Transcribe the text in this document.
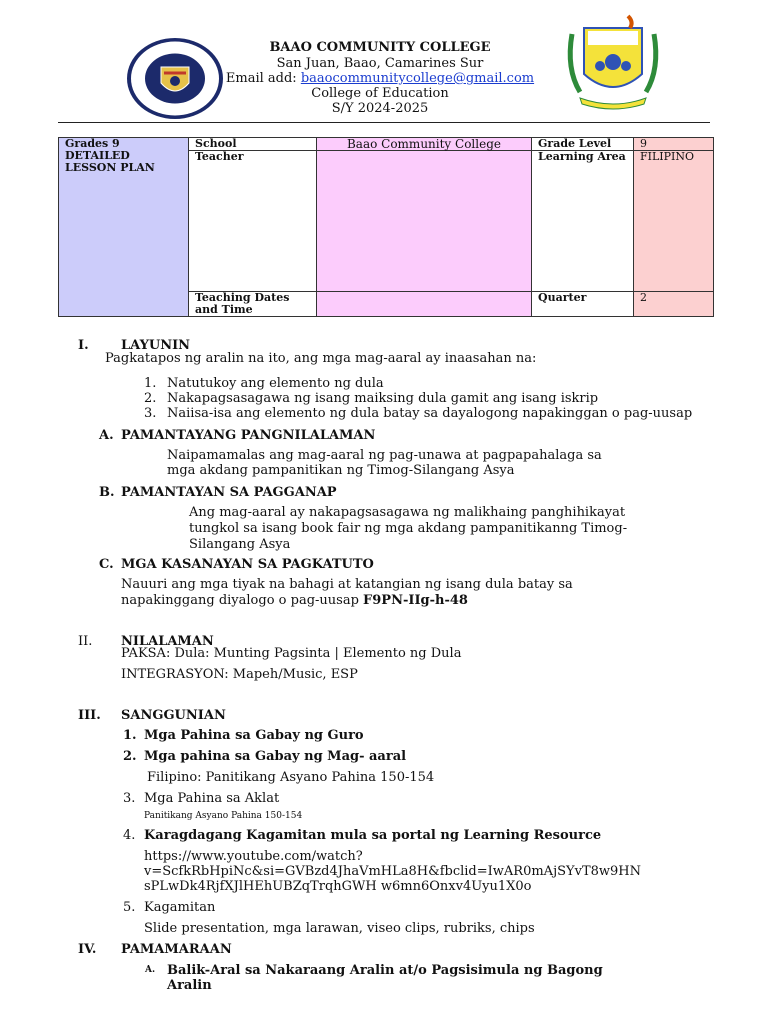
BAAO COMMUNITY COLLEGE
San Juan, Baao, Camarines Sur
Email add: baaocommunitycollege@gmail.com
College of Education
S/Y 2024-2025
Grades 9 DETAILED LESSON PLAN	School	Baao Community College	Grade Level	9
	Teacher		Learning Area	FILIPINO
	Teaching Dates and Time		Quarter	2
I. LAYUNIN
Pagkatapos ng aralin na ito, ang mga mag-aaral ay inaasahan na:
1. Natutukoy ang elemento ng dula
2. Nakapagsasagawa ng isang maiksing dula gamit ang isang iskrip
3. Naiisa-isa ang elemento ng dula batay sa dayalogong napakinggan o pag-uusap
A. PAMANTAYANG PANGNILALAMAN
Naipamamalas ang mag-aaral ng pag-unawa at pagpapahalaga sa
mga akdang pampanitikan ng Timog-Silangang Asya
B. PAMANTAYAN SA PAGGANAP
Ang mag-aaral ay nakapagsasagawa ng malikhaing panghihikayat
tungkol sa isang book fair ng mga akdang pampanitikanng Timog-
Silangang Asya
C. MGA KASANAYAN SA PAGKATUTO
Nauuri ang mga tiyak na bahagi at katangian ng isang dula batay sa
napakinggang diyalogo o pag-uusap F9PN-IIg-h-48
II. NILALAMAN
PAKSA: Dula: Munting Pagsinta | Elemento ng Dula
INTEGRASYON: Mapeh/Music, ESP
III. SANGGUNIAN
1. Mga Pahina sa Gabay ng Guro
2. Mga pahina sa Gabay ng Mag- aaral
Filipino: Panitikang Asyano Pahina 150-154
3. Mga Pahina sa Aklat
Panitikang Asyano Pahina 150-154
4. Karagdagang Kagamitan mula sa portal ng Learning Resource
https://www.youtube.com/watch?
v=ScfkRbHpiNc&si=GVBzd4JhaVmHLa8H&fbclid=IwAR0mAjSYvT8w9HN
sPLwDk4RjfXJlHEhUBZqTrqhGWH w6mn6Onxv4Uyu1X0o
5. Kagamitan
Slide presentation, mga larawan, viseo clips, rubriks, chips
IV. PAMAMARAAN
A. Balik-Aral sa Nakaraang Aralin at/o Pagsisimula ng Bagong
Aralin
